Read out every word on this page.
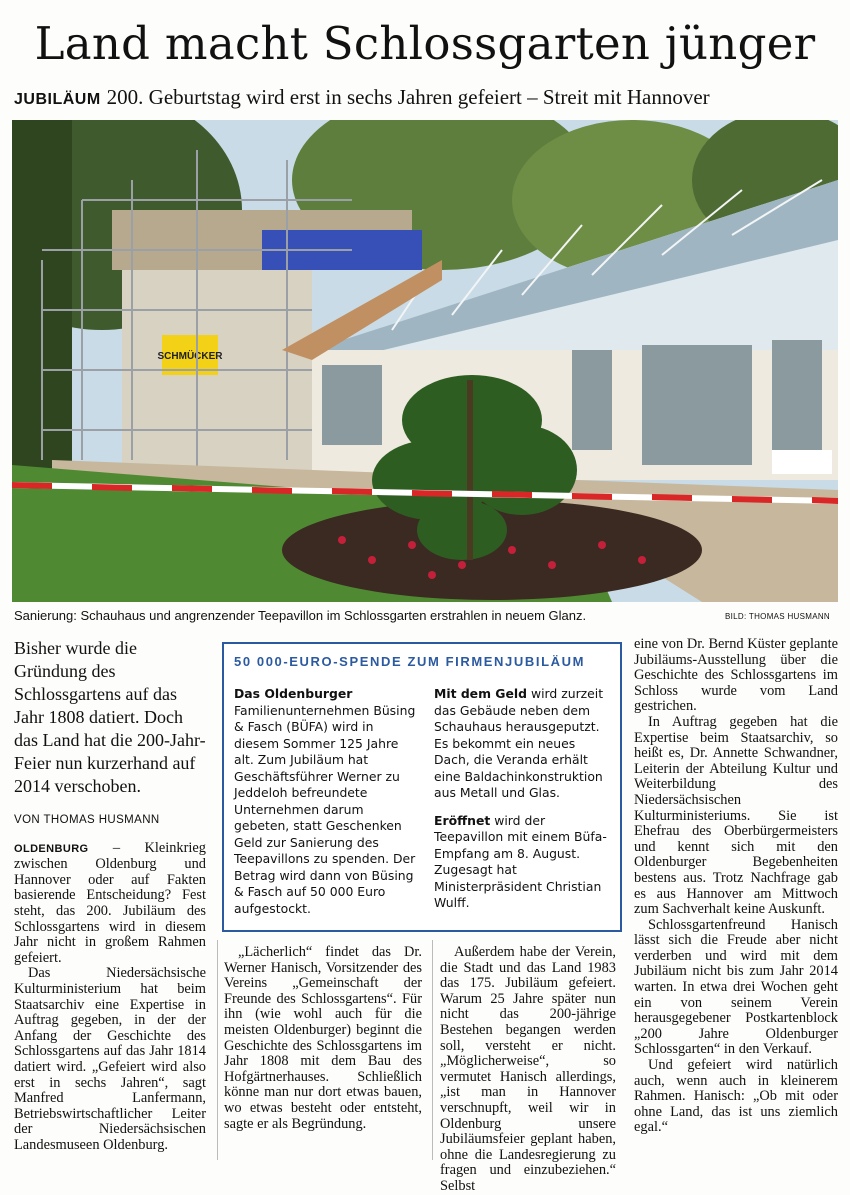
Land macht Schlossgarten jünger
JUBILÄUM 200. Geburtstag wird erst in sechs Jahren gefeiert – Streit mit Hannover
SCHMÜCKER
Sanierung: Schauhaus und angrenzender Teepavillon im Schlossgarten erstrahlen in neuem Glanz.	BILD: THOMAS HUSMANN

Bisher wurde die Gründung des Schlossgartens auf das Jahr 1808 datiert. Doch das Land hat die 200-Jahr-Feier nun kurzerhand auf 2014 verschoben.

VON THOMAS HUSMANN

OLDENBURG – Kleinkrieg zwischen Oldenburg und Hannover oder auf Fakten basierende Entscheidung? Fest steht, das 200. Jubiläum des Schlossgartens wird in diesem Jahr nicht in großem Rahmen gefeiert.

Das Niedersächsische Kulturministerium hat beim Staatsarchiv eine Expertise in Auftrag gegeben, in der der Anfang der Geschichte des Schlossgartens auf das Jahr 1814 datiert wird. „Gefeiert wird also erst in sechs Jahren“, sagt Manfred Lanfermann, Betriebswirtschaftlicher Leiter der Niedersächsischen Landesmuseen Oldenburg.

50 000-EURO-SPENDE ZUM FIRMENJUBILÄUM

Das Oldenburger Familienunternehmen Büsing & Fasch (BÜFA) wird in diesem Sommer 125 Jahre alt. Zum Jubiläum hat Geschäftsführer Werner zu Jeddeloh befreundete Unternehmen darum gebeten, statt Geschenken Geld zur Sanierung des Teepavillons zu spenden. Der Betrag wird dann von Büsing & Fasch auf 50 000 Euro aufgestockt.

Mit dem Geld wird zurzeit das Gebäude neben dem Schauhaus herausgeputzt. Es bekommt ein neues Dach, die Veranda erhält eine Baldachinkonstruktion aus Metall und Glas.

Eröffnet wird der Teepavillon mit einem Büfa-Empfang am 8. August. Zugesagt hat Ministerpräsident Christian Wulff.

„Lächerlich“ findet das Dr. Werner Hanisch, Vorsitzender des Vereins „Gemeinschaft der Freunde des Schlossgartens“. Für ihn (wie wohl auch für die meisten Oldenburger) beginnt die Geschichte des Schlossgartens im Jahr 1808 mit dem Bau des Hofgärtnerhauses. Schließlich könne man nur dort etwas bauen, wo etwas besteht oder entsteht, sagte er als Begründung.

Außerdem habe der Verein, die Stadt und das Land 1983 das 175. Jubiläum gefeiert. Warum 25 Jahre später nun nicht das 200-jährige Bestehen begangen werden soll, versteht er nicht. „Möglicherweise“, so vermutet Hanisch allerdings, „ist man in Hannover verschnupft, weil wir in Oldenburg unsere Jubiläumsfeier geplant haben, ohne die Landesregierung zu fragen und einzubeziehen.“ Selbst

eine von Dr. Bernd Küster geplante Jubiläums-Ausstellung über die Geschichte des Schlossgartens im Schloss wurde vom Land gestrichen.

In Auftrag gegeben hat die Expertise beim Staatsarchiv, so heißt es, Dr. Annette Schwandner, Leiterin der Abteilung Kultur und Weiterbildung des Niedersächsischen Kulturministeriums. Sie ist Ehefrau des Oberbürgermeisters und kennt sich mit den Oldenburger Begebenheiten bestens aus. Trotz Nachfrage gab es aus Hannover am Mittwoch zum Sachverhalt keine Auskunft.

Schlossgartenfreund Hanisch lässt sich die Freude aber nicht verderben und wird mit dem Jubiläum nicht bis zum Jahr 2014 warten. In etwa drei Wochen geht ein von seinem Verein herausgegebener Postkartenblock „200 Jahre Oldenburger Schlossgarten“ in den Verkauf.

Und gefeiert wird natürlich auch, wenn auch in kleinerem Rahmen. Hanisch: „Ob mit oder ohne Land, das ist uns ziemlich egal.“
